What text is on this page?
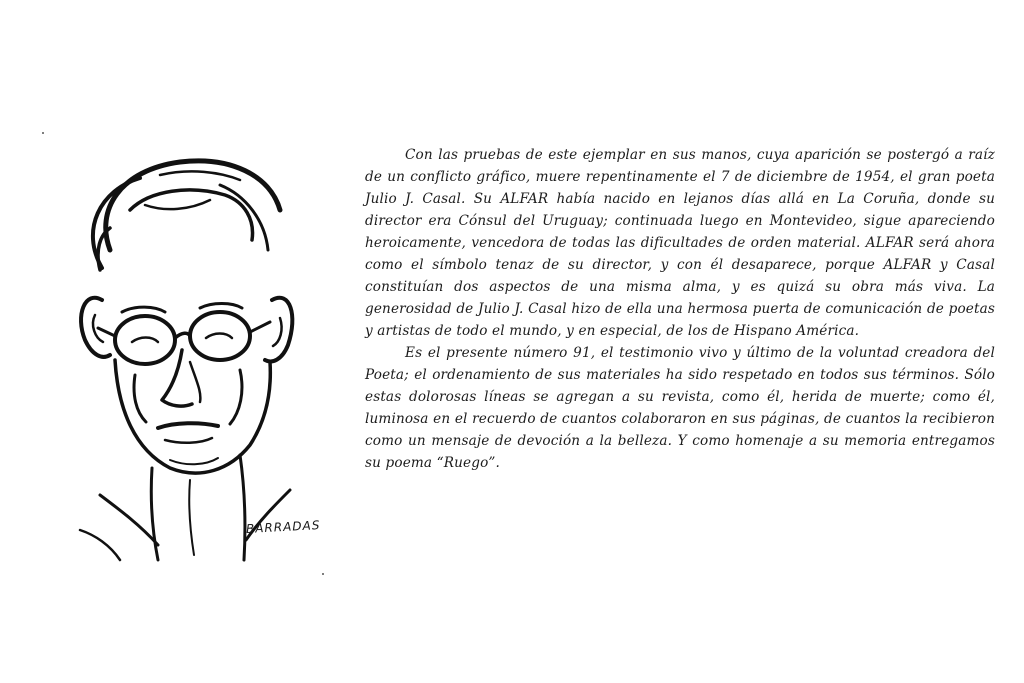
BARRADAS

Con las pruebas de este ejemplar en sus manos, cuya aparición se postergó a raíz de un conflicto gráfico, muere repentinamente el 7 de diciembre de 1954, el gran poeta Julio J. Casal. Su ALFAR había nacido en lejanos días allá en La Coruña, donde su director era Cónsul del Uruguay; continuada luego en Montevideo, sigue apareciendo heroicamente, vencedora de todas las dificultades de orden material. ALFAR será ahora como el símbolo tenaz de su director, y con él desaparece, porque ALFAR y Casal constituían dos aspectos de una misma alma, y es quizá su obra más viva. La generosidad de Julio J. Casal hizo de ella una hermosa puerta de comunicación de poetas y artistas de todo el mundo, y en especial, de los de Hispano América.

Es el presente número 91, el testimonio vivo y último de la voluntad creadora del Poeta; el ordenamiento de sus materiales ha sido respetado en todos sus términos. Sólo estas dolorosas líneas se agregan a su revista, como él, herida de muerte; como él, luminosa en el recuerdo de cuantos colaboraron en sus páginas, de cuantos la recibieron como un mensaje de devoción a la belleza. Y como homenaje a su memoria entregamos su poema “Ruego”.
